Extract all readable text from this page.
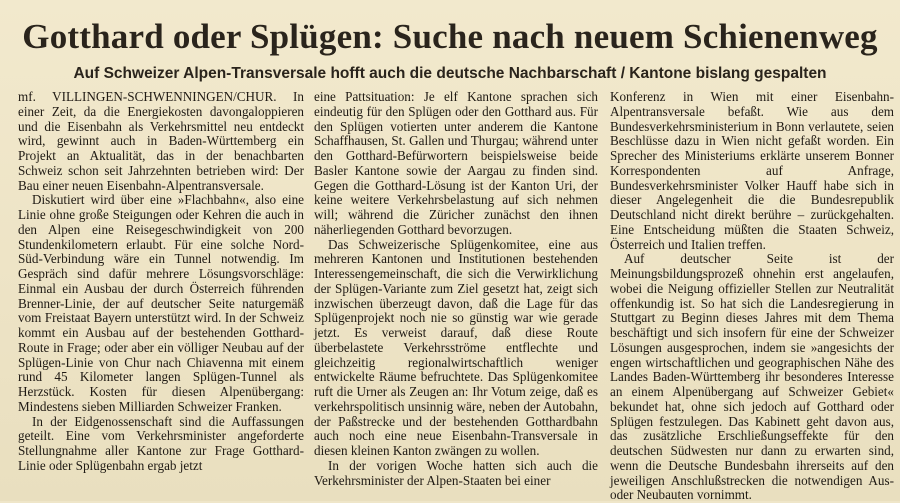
Gotthard oder Splügen: Suche nach neuem Schienenweg
Auf Schweizer Alpen-Transversale hofft auch die deutsche Nachbarschaft / Kantone bislang gespalten

mf. VILLINGEN-SCHWENNINGEN/CHUR. In einer Zeit, da die Energiekosten davongaloppieren und die Eisenbahn als Verkehrsmittel neu entdeckt wird, gewinnt auch in Baden-Württemberg ein Projekt an Aktualität, das in der benachbarten Schweiz schon seit Jahrzehnten betrieben wird: Der Bau einer neuen Eisenbahn-Alpentransversale.

Diskutiert wird über eine »Flachbahn«, also eine Linie ohne große Steigungen oder Kehren die auch in den Alpen eine Reisegeschwindigkeit von 200 Stundenkilometern erlaubt. Für eine solche Nord-Süd-Verbindung wäre ein Tunnel notwendig. Im Gespräch sind dafür mehrere Lösungsvorschläge: Einmal ein Ausbau der durch Österreich führenden Brenner-Linie, der auf deutscher Seite naturgemäß vom Freistaat Bayern unterstützt wird. In der Schweiz kommt ein Ausbau auf der bestehenden Gotthard-Route in Frage; oder aber ein völliger Neubau auf der Splügen-Linie von Chur nach Chiavenna mit einem rund 45 Kilometer langen Splügen-Tunnel als Herzstück. Kosten für diesen Alpenübergang: Mindestens sieben Milliarden Schweizer Franken.

In der Eidgenossenschaft sind die Auffassungen geteilt. Eine vom Verkehrsminister angeforderte Stellungnahme aller Kantone zur Frage Gotthard-Linie oder Splügenbahn ergab jetzt

eine Pattsituation: Je elf Kantone sprachen sich eindeutig für den Splügen oder den Gotthard aus. Für den Splügen votierten unter anderem die Kantone Schaffhausen, St. Gallen und Thurgau; während unter den Gotthard-Befürwortern beispielsweise beide Basler Kantone sowie der Aargau zu finden sind. Gegen die Gotthard-Lösung ist der Kanton Uri, der keine weitere Verkehrsbelastung auf sich nehmen will; während die Züricher zunächst den ihnen näherliegenden Gotthard bevorzugen.

Das Schweizerische Splügenkomitee, eine aus mehreren Kantonen und Institutionen bestehenden Interessengemeinschaft, die sich die Verwirklichung der Splügen-Variante zum Ziel gesetzt hat, zeigt sich inzwischen überzeugt davon, daß die Lage für das Splügenprojekt noch nie so günstig war wie gerade jetzt. Es verweist darauf, daß diese Route überbelastete Verkehrsströme entflechte und gleichzeitig regionalwirtschaftlich weniger entwickelte Räume befruchtete. Das Splügenkomitee ruft die Urner als Zeugen an: Ihr Votum zeige, daß es verkehrspolitisch unsinnig wäre, neben der Autobahn, der Paßstrecke und der bestehenden Gotthardbahn auch noch eine neue Eisenbahn-Transversale in diesen kleinen Kanton zwängen zu wollen.

In der vorigen Woche hatten sich auch die Verkehrsminister der Alpen-Staaten bei einer

Konferenz in Wien mit einer Eisenbahn-Alpentransversale befaßt. Wie aus dem Bundesverkehrsministerium in Bonn verlautete, seien Beschlüsse dazu in Wien nicht gefaßt worden. Ein Sprecher des Ministeriums erklärte unserem Bonner Korrespondenten auf Anfrage, Bundesverkehrsminister Volker Hauff habe sich in dieser Angelegenheit die die Bundesrepublik Deutschland nicht direkt berühre – zurückgehalten. Eine Entscheidung müßten die Staaten Schweiz, Österreich und Italien treffen.

Auf deutscher Seite ist der Meinungsbildungsprozeß ohnehin erst angelaufen, wobei die Neigung offizieller Stellen zur Neutralität offenkundig ist. So hat sich die Landesregierung in Stuttgart zu Beginn dieses Jahres mit dem Thema beschäftigt und sich insofern für eine der Schweizer Lösungen ausgesprochen, indem sie »angesichts der engen wirtschaftlichen und geographischen Nähe des Landes Baden-Württemberg ihr besonderes Interesse an einem Alpenübergang auf Schweizer Gebiet« bekundet hat, ohne sich jedoch auf Gotthard oder Splügen festzulegen. Das Kabinett geht davon aus, das zusätzliche Erschließungseffekte für den deutschen Südwesten nur dann zu erwarten sind, wenn die Deutsche Bundesbahn ihrerseits auf den jeweiligen Anschlußstrecken die notwendigen Aus- oder Neubauten vornimmt.
